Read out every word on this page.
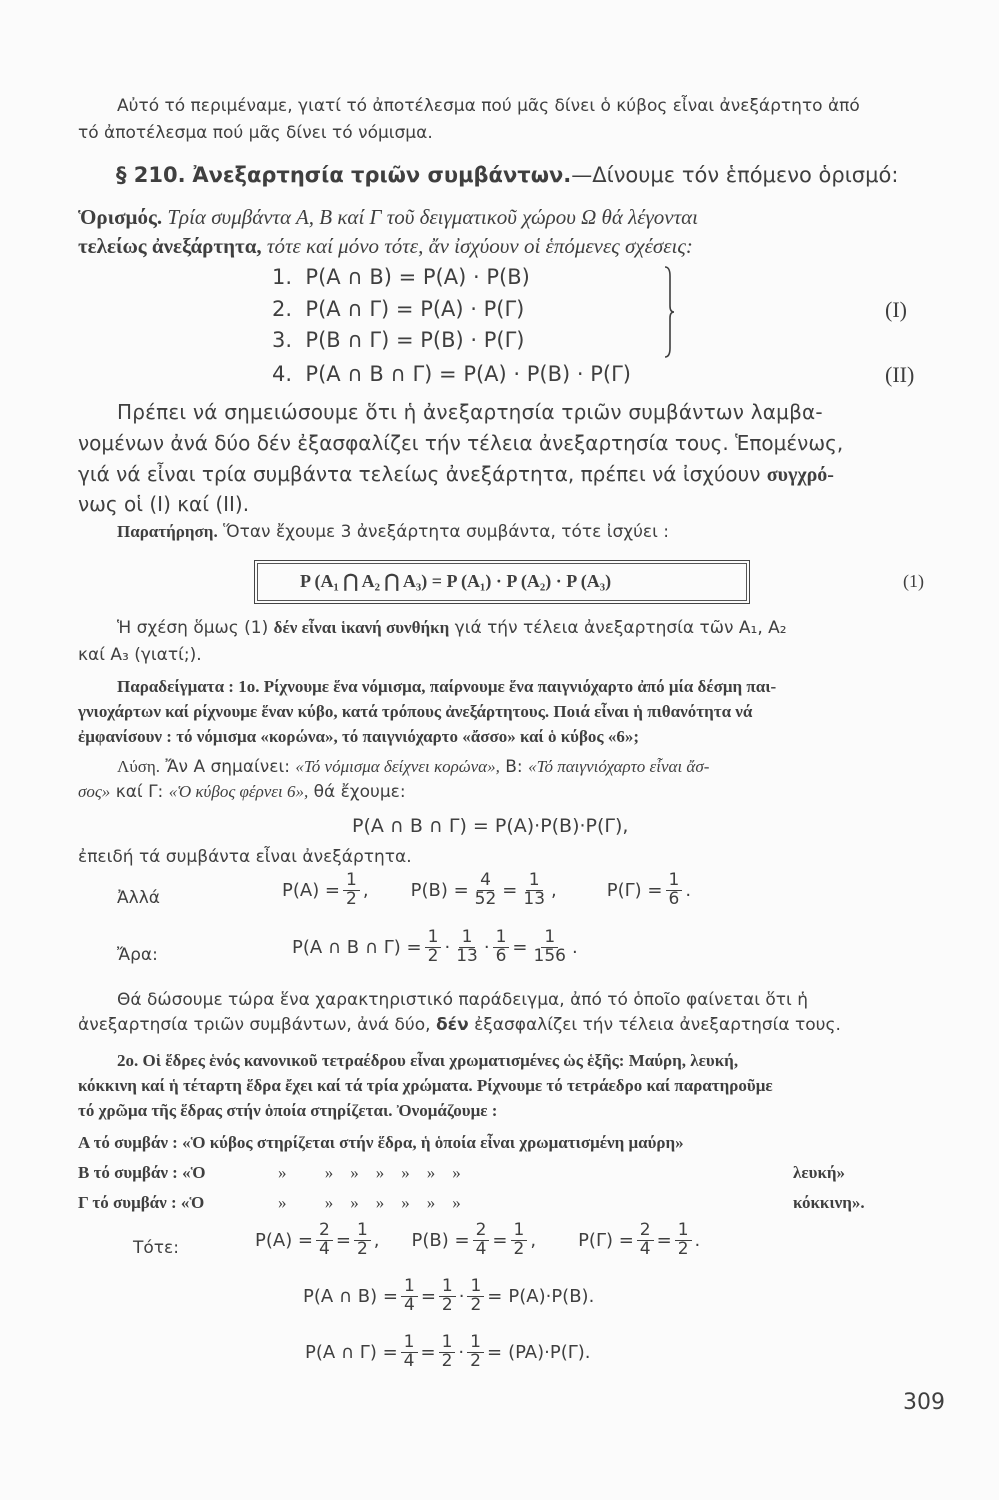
Αὐτό τό περιμέναμε, γιατί τό ἀποτέλεσμα πού μᾶς δίνει ὁ κύβος εἶναι ἀνεξάρτητο ἀπό
τό ἀποτέλεσμα πού μᾶς δίνει τό νόμισμα.
§ 210. Ἀνεξαρτησία τριῶν συμβάντων.—Δίνουμε τόν ἑπόμενο ὁρισμό:
Ὁρισμός. Τρία συμβάντα Α, Β καί Γ τοῦ δειγματικοῦ χώρου Ω θά λέγονται
τελείως ἀνεξάρτητα, τότε καί μόνο τότε, ἄν ἰσχύουν οἱ ἑπόμενες σχέσεις:
1. P(A ∩ B) = P(A) · P(B)
2. P(A ∩ Γ) = P(A) · P(Γ)
3. P(B ∩ Γ) = P(B) · P(Γ)
4. P(A ∩ B ∩ Γ) = P(A) · P(B) · P(Γ)
(I)
(II)
Πρέπει νά σημειώσουμε ὅτι ἡ ἀνεξαρτησία τριῶν συμβάντων λαμβα-
νομένων ἀνά δύο δέν ἐξασφαλίζει τήν τέλεια ἀνεξαρτησία τους. Ἑπομένως,
γιά νά εἶναι τρία συμβάντα τελείως ἀνεξάρτητα, πρέπει νά ἰσχύουν συγχρό-
νως οἱ (I) καί (II).
Παρατήρηση. Ὅταν ἔχουμε 3 ἀνεξάρτητα συμβάντα, τότε ἰσχύει :
P (A₁ ⋂ A₂ ⋂ A₃) = P (A₁) · P (A₂) · P (A₃)	(1)
Ἡ σχέση ὅμως (1) δέν εἶναι ἱκανή συνθήκη γιά τήν τέλεια ἀνεξαρτησία τῶν A₁, A₂
καί A₃ (γιατί;).
Παραδείγματα : 1ο. Ρίχνουμε ἕνα νόμισμα, παίρνουμε ἕνα παιγνιόχαρτο ἀπό μία δέσμη παι-
γνιοχάρτων καί ρίχνουμε ἕναν κύβο, κατά τρόπους ἀνεξάρτητους. Ποιά εἶναι ἡ πιθανότητα νά
ἐμφανίσουν : τό νόμισμα «κορώνα», τό παιγνιόχαρτο «ἄσσο» καί ὁ κύβος «6»;
Λύση. Ἄν Α σημαίνει: «Τό νόμισμα δείχνει κορώνα», Β: «Τό παιγνιόχαρτο εἶναι ἄσ-
σος» καί Γ: «Ὁ κύβος φέρνει 6», θά ἔχουμε:
P(A ∩ B ∩ Γ) = P(A)·P(B)·P(Γ),
ἐπειδή τά συμβάντα εἶναι ἀνεξάρτητα.
Ἀλλά	$P(A) = \frac{1}{2}$ , $P(B) = \frac{4}{52} = \frac{1}{13}$ ,	$P(\Gamma) = \frac{1}{6}$ .
Ἄρα:	P(A ∩ B ∩ $\Gamma) = \frac{1}{2} \cdot \frac{1}{13} \cdot \frac{1}{6} = \frac{1}{156}$ .
Θά δώσουμε τώρα ἕνα χαρακτηριστικό παράδειγμα, ἀπό τό ὁποῖο φαίνεται ὅτι ἡ
ἀνεξαρτησία τριῶν συμβάντων, ἀνά δύο, δέν ἐξασφαλίζει τήν τέλεια ἀνεξαρτησία τους.
2ο. Οἱ ἕδρες ἑνός κανονικοῦ τετραέδρου εἶναι χρωματισμένες ὡς ἑξῆς: Μαύρη, λευκή,
κόκκινη καί ἡ τέταρτη ἕδρα ἔχει καί τά τρία χρώματα. Ρίχνουμε τό τετράεδρο καί παρατηροῦμε
τό χρῶμα τῆς ἕδρας στήν ὁποία στηρίζεται. Ὀνομάζουμε :
Α τό συμβάν : «Ὁ κύβος στηρίζεται στήν ἕδρα, ἡ ὁποία εἶναι χρωματισμένη μαύρη»
Β τό συμβάν : «Ὁ	»         »    »    »    »    »    »	λευκή»
Γ τό συμβάν : «Ὁ	»         »    »    »    »    »    »	κόκκινη».
Τότε:	$P(A) = \frac{2}{4} = \frac{1}{2}$ , $P(B) = \frac{2}{4} = \frac{1}{2}$ , $P(\Gamma) = \frac{2}{4} = \frac{1}{2}$ .
P(A ∩ $B) = \frac{1}{4} = \frac{1}{2} \cdot \frac{1}{2} = P(A)\cdot P(B)$.
P(A ∩ $\Gamma) = \frac{1}{4} = \frac{1}{2} \cdot \frac{1}{2} = (PA)\cdot P(\Gamma)$.
309
